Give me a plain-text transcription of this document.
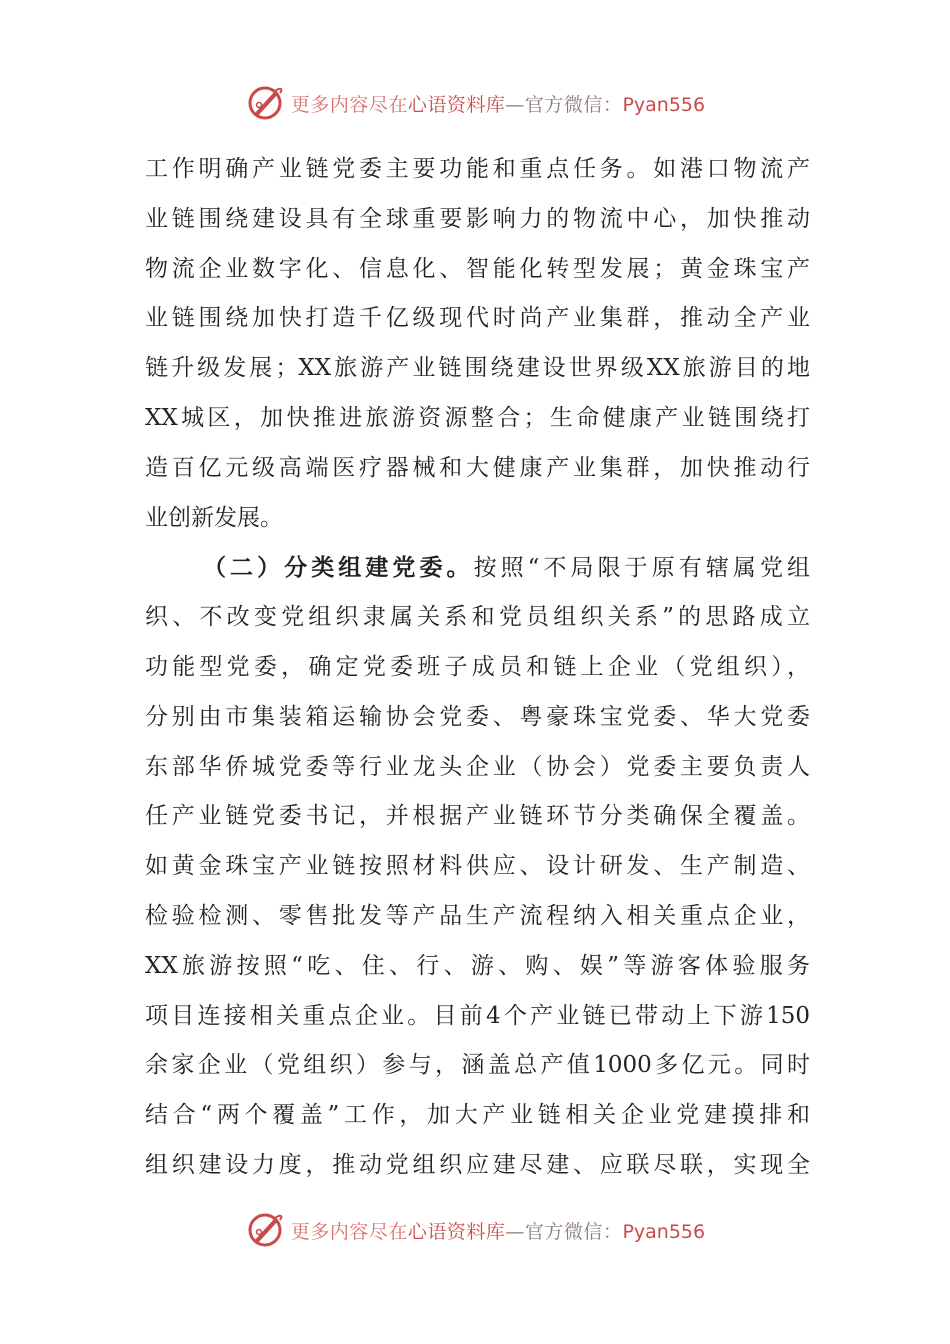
更多内容尽在心语资料库—官方微信：Pyan556
工作明确产业链党委主要功能和重点任务。如港口物流产
业链围绕建设具有全球重要影响力的物流中心，加快推动
物流企业数字化、信息化、智能化转型发展；黄金珠宝产
业链围绕加快打造千亿级现代时尚产业集群，推动全产业
链升级发展；XX旅游产业链围绕建设世界级XX旅游目的地
XX城区，加快推进旅游资源整合；生命健康产业链围绕打
造百亿元级高端医疗器械和大健康产业集群，加快推动行
业创新发展。
（二）分类组建党委。按照“不局限于原有辖属党组
织、不改变党组织隶属关系和党员组织关系”的思路成立
功能型党委，确定党委班子成员和链上企业（党组织），
分别由市集装箱运输协会党委、粤豪珠宝党委、华大党委
东部华侨城党委等行业龙头企业（协会）党委主要负责人
任产业链党委书记，并根据产业链环节分类确保全覆盖。
如黄金珠宝产业链按照材料供应、设计研发、生产制造、
检验检测、零售批发等产品生产流程纳入相关重点企业，
XX旅游按照“吃、住、行、游、购、娱”等游客体验服务
项目连接相关重点企业。目前4个产业链已带动上下游150
余家企业（党组织）参与，涵盖总产值1000多亿元。同时
结合“两个覆盖”工作，加大产业链相关企业党建摸排和
组织建设力度，推动党组织应建尽建、应联尽联，实现全
更多内容尽在心语资料库—官方微信：Pyan556
